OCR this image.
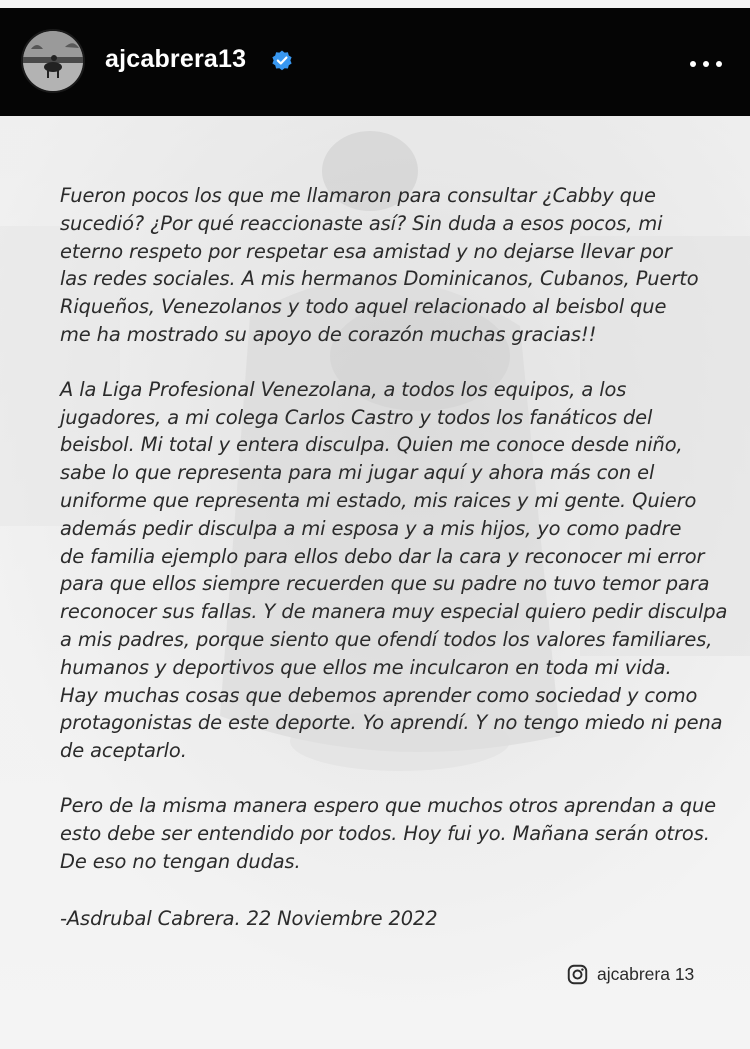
ajcabrera13
Fueron pocos los que me llamaron para consultar ¿Cabby que
sucedió? ¿Por qué reaccionaste así? Sin duda a esos pocos, mi
eterno respeto por respetar esa amistad y no dejarse llevar por
las redes sociales. A mis hermanos Dominicanos, Cubanos, Puerto
Riqueños, Venezolanos y todo aquel relacionado al beisbol que
me ha mostrado su apoyo de corazón muchas gracias!!
A la Liga Profesional Venezolana, a todos los equipos, a los
jugadores, a mi colega Carlos Castro y todos los fanáticos del
beisbol. Mi total y entera disculpa. Quien me conoce desde niño,
sabe lo que representa para mi jugar aquí y ahora más con el
uniforme que representa mi estado, mis raices y mi gente. Quiero
además pedir disculpa a mi esposa y a mis hijos, yo como padre
de familia ejemplo para ellos debo dar la cara y reconocer mi error
para que ellos siempre recuerden que su padre no tuvo temor para
reconocer sus fallas. Y de manera muy especial quiero pedir disculpa
a mis padres, porque siento que ofendí todos los valores familiares,
humanos y deportivos que ellos me inculcaron en toda mi vida.
Hay muchas cosas que debemos aprender como sociedad y como
protagonistas de este deporte. Yo aprendí. Y no tengo miedo ni pena
de aceptarlo.
Pero de la misma manera espero que muchos otros aprendan a que
esto debe ser entendido por todos. Hoy fui yo. Mañana serán otros.
De eso no tengan dudas.
-Asdrubal Cabrera. 22 Noviembre 2022
ajcabrera 13
